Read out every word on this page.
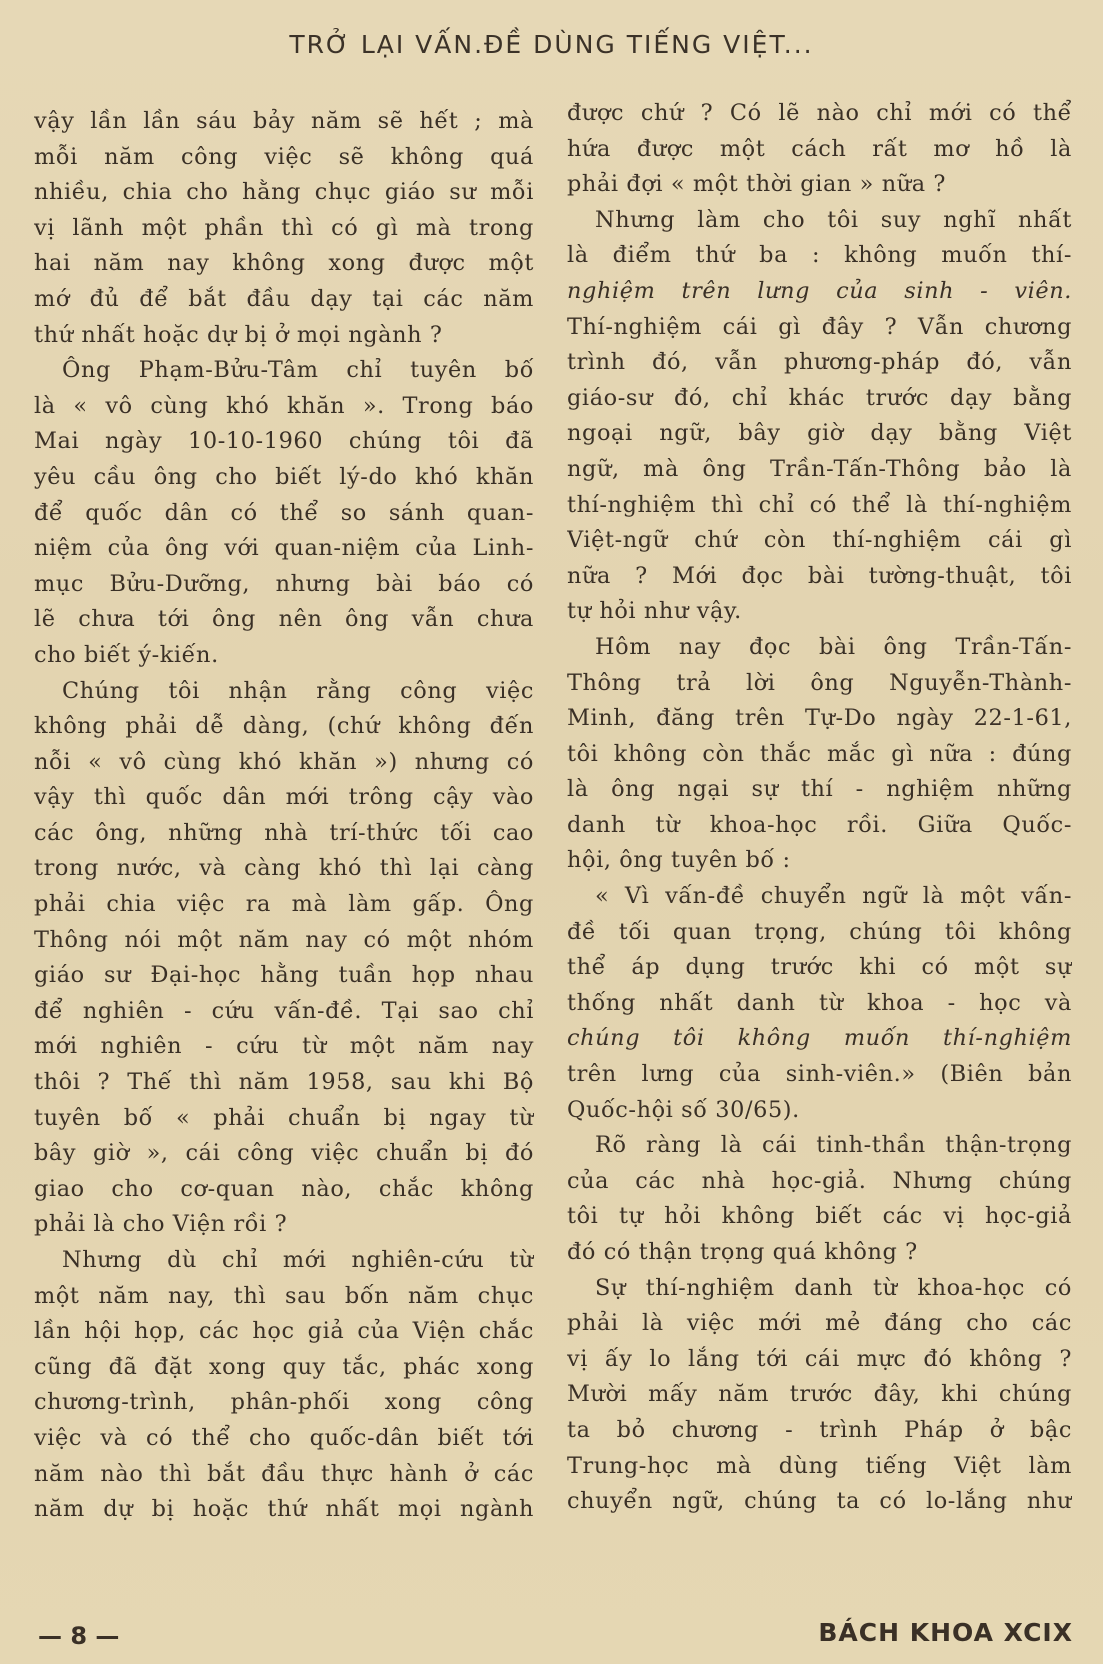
TRỞ LẠI VẤN.ĐỀ DÙNG TIẾNG VIỆT...
vậy lần lần sáu bảy năm sẽ hết ; mà
mỗi năm công việc sẽ không quá
nhiều, chia cho hằng chục giáo sư mỗi
vị lãnh một phần thì có gì mà trong
hai năm nay không xong được một
mớ đủ để bắt đầu dạy tại các năm
thứ nhất hoặc dự bị ở mọi ngành ?
Ông Phạm-Bửu-Tâm chỉ tuyên bố
là « vô cùng khó khăn ». Trong báo
Mai ngày 10-10-1960 chúng tôi đã
yêu cầu ông cho biết lý-do khó khăn
để quốc dân có thể so sánh quan-
niệm của ông với quan-niệm của Linh-
mục Bửu-Dưỡng, nhưng bài báo có
lẽ chưa tới ông nên ông vẫn chưa
cho biết ý-kiến.
Chúng tôi nhận rằng công việc
không phải dễ dàng, (chứ không đến
nỗi « vô cùng khó khăn ») nhưng có
vậy thì quốc dân mới trông cậy vào
các ông, những nhà trí-thức tối cao
trong nước, và càng khó thì lại càng
phải chia việc ra mà làm gấp. Ông
Thông nói một năm nay có một nhóm
giáo sư Đại-học hằng tuần họp nhau
để nghiên - cứu vấn-đề. Tại sao chỉ
mới nghiên - cứu từ một năm nay
thôi ? Thế thì năm 1958, sau khi Bộ
tuyên bố « phải chuẩn bị ngay từ
bây giờ », cái công việc chuẩn bị đó
giao cho cơ-quan nào, chắc không
phải là cho Viện rồi ?
Nhưng dù chỉ mới nghiên-cứu từ
một năm nay, thì sau bốn năm chục
lần hội họp, các học giả của Viện chắc
cũng đã đặt xong quy tắc, phác xong
chương-trình, phân-phối xong công
việc và có thể cho quốc-dân biết tới
năm nào thì bắt đầu thực hành ở các
năm dự bị hoặc thứ nhất mọi ngành
được chứ ? Có lẽ nào chỉ mới có thể
hứa được một cách rất mơ hồ là
phải đợi « một thời gian » nữa ?
Nhưng làm cho tôi suy nghĩ nhất
là điểm thứ ba : không muốn thí-
nghiệm trên lưng của sinh - viên.
Thí-nghiệm cái gì đây ? Vẫn chương
trình đó, vẫn phương-pháp đó, vẫn
giáo-sư đó, chỉ khác trước dạy bằng
ngoại ngữ, bây giờ dạy bằng Việt
ngữ, mà ông Trần-Tấn-Thông bảo là
thí-nghiệm thì chỉ có thể là thí-nghiệm
Việt-ngữ chứ còn thí-nghiệm cái gì
nữa ? Mới đọc bài tường-thuật, tôi
tự hỏi như vậy.
Hôm nay đọc bài ông Trần-Tấn-
Thông trả lời ông Nguyễn-Thành-
Minh, đăng trên Tự-Do ngày 22-1-61,
tôi không còn thắc mắc gì nữa : đúng
là ông ngại sự thí - nghiệm những
danh từ khoa-học rồi. Giữa Quốc-
hội, ông tuyên bố :
« Vì vấn-đề chuyển ngữ là một vấn-
đề tối quan trọng, chúng tôi không
thể áp dụng trước khi có một sự
thống nhất danh từ khoa - học và
chúng tôi không muốn thí-nghiệm
trên lưng của sinh-viên.» (Biên bản
Quốc-hội số 30/65).
Rõ ràng là cái tinh-thần thận-trọng
của các nhà học-giả. Nhưng chúng
tôi tự hỏi không biết các vị học-giả
đó có thận trọng quá không ?
Sự thí-nghiệm danh từ khoa-học có
phải là việc mới mẻ đáng cho các
vị ấy lo lắng tới cái mực đó không ?
Mười mấy năm trước đây, khi chúng
ta bỏ chương - trình Pháp ở bậc
Trung-học mà dùng tiếng Việt làm
chuyển ngữ, chúng ta có lo-lắng như
— 8 —	BÁCH KHOA XCIX
